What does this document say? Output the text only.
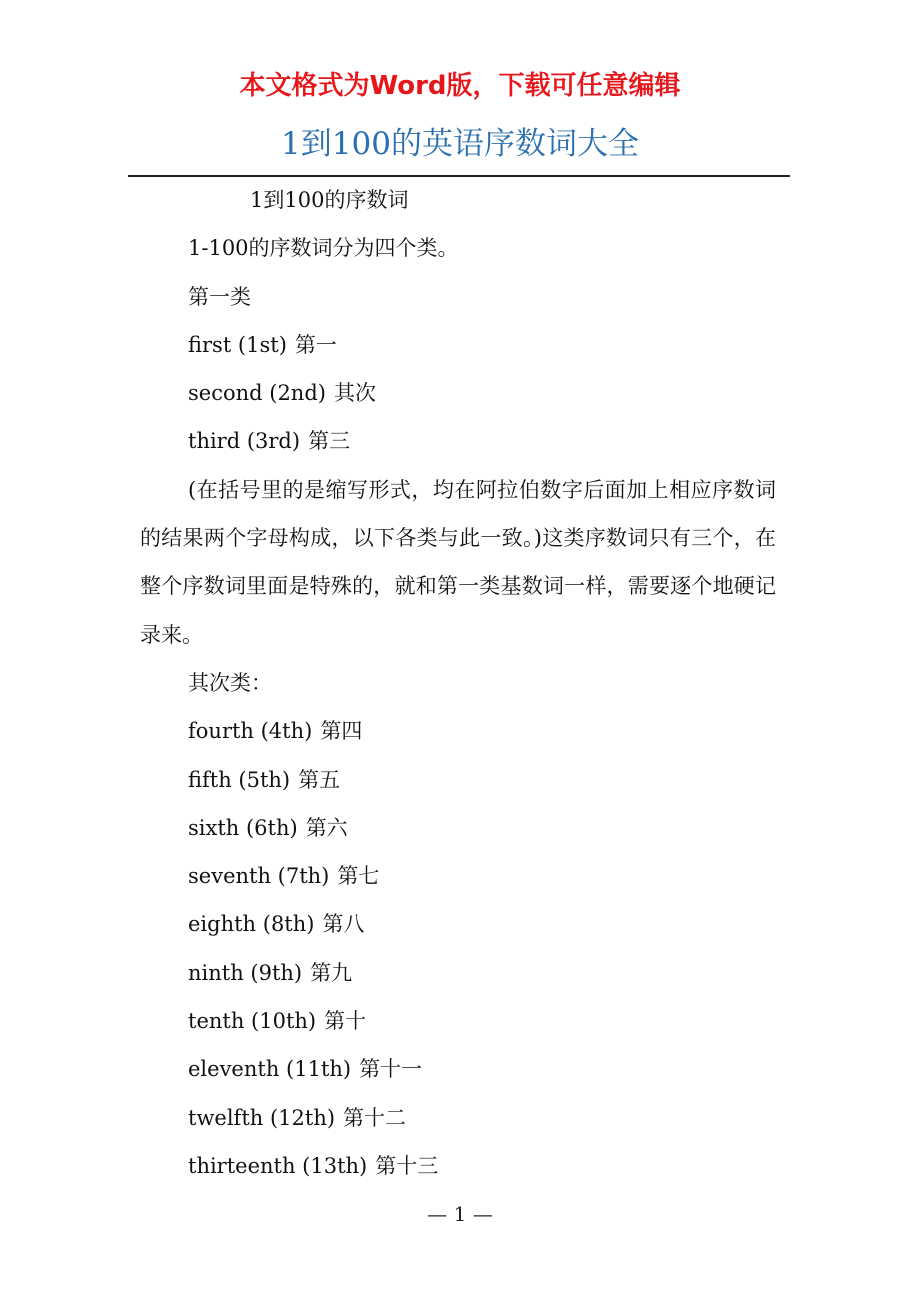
本文格式为Word版，下载可任意编辑
1到100的英语序数词大全

1到100的序数词

1-100的序数词分为四个类。

第一类

first (1st) 第一

second (2nd) 其次

third (3rd) 第三

(在括号里的是缩写形式，均在阿拉伯数字后面加上相应序数词的结果两个字母构成，以下各类与此一致。)这类序数词只有三个，在整个序数词里面是特殊的，就和第一类基数词一样，需要逐个地硬记录来。

其次类：

fourth (4th) 第四

fifth (5th) 第五

sixth (6th) 第六

seventh (7th) 第七

eighth (8th) 第八

ninth (9th) 第九

tenth (10th) 第十

eleventh (11th) 第十一

twelfth (12th) 第十二

thirteenth (13th) 第十三

— 1 —
